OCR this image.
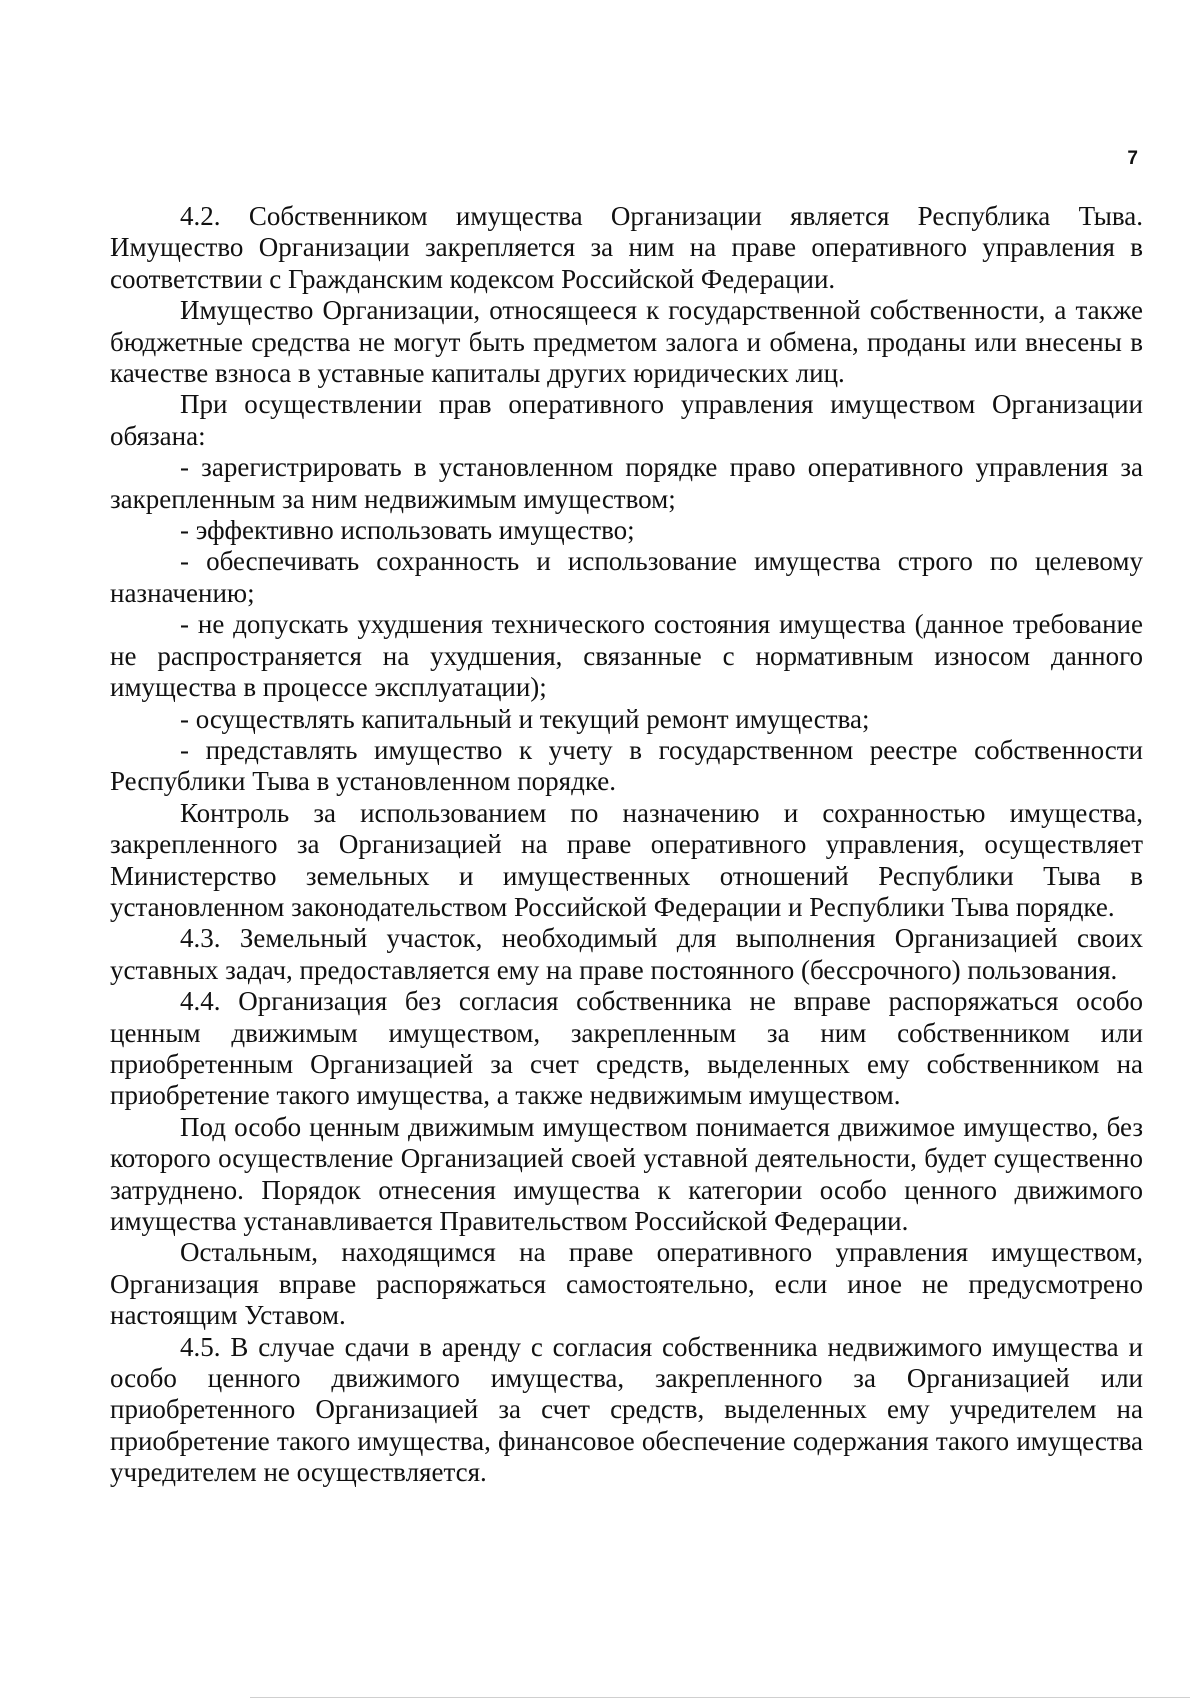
7

4.2. Собственником имущества Организации является Республика Тыва. Имущество Организации закрепляется за ним на праве оперативного управления в соответствии с Гражданским кодексом Российской Федерации.

Имущество Организации, относящееся к государственной собственности, а также бюджетные средства не могут быть предметом залога и обмена, проданы или внесены в качестве взноса в уставные капиталы других юридических лиц.

При осуществлении прав оперативного управления имуществом Организации обязана:

- зарегистрировать в установленном порядке право оперативного управления за закрепленным за ним недвижимым имуществом;

- эффективно использовать имущество;

- обеспечивать сохранность и использование имущества строго по целевому назначению;

- не допускать ухудшения технического состояния имущества (данное требование не распространяется на ухудшения, связанные с нормативным износом данного имущества в процессе эксплуатации);

- осуществлять капитальный и текущий ремонт имущества;

- представлять имущество к учету в государственном реестре собственности Республики Тыва в установленном порядке.

Контроль за использованием по назначению и сохранностью имущества, закрепленного за Организацией на праве оперативного управления, осуществляет Министерство земельных и имущественных отношений Республики Тыва в установленном законодательством Российской Федерации и Республики Тыва порядке.

4.3. Земельный участок, необходимый для выполнения Организацией своих уставных задач, предоставляется ему на праве постоянного (бессрочного) пользования.

4.4. Организация без согласия собственника не вправе распоряжаться особо ценным движимым имуществом, закрепленным за ним собственником или приобретенным Организацией за счет средств, выделенных ему собственником на приобретение такого имущества, а также недвижимым имуществом.

Под особо ценным движимым имуществом понимается движимое имущество, без которого осуществление Организацией своей уставной деятельности, будет существенно затруднено. Порядок отнесения имущества к категории особо ценного движимого имущества устанавливается Правительством Российской Федерации.

Остальным, находящимся на праве оперативного управления имуществом, Организация вправе распоряжаться самостоятельно, если иное не предусмотрено настоящим Уставом.

4.5. В случае сдачи в аренду с согласия собственника недвижимого имущества и особо ценного движимого имущества, закрепленного за Организацией или приобретенного Организацией за счет средств, выделенных ему учредителем на приобретение такого имущества, финансовое обеспечение содержания такого имущества учредителем не осуществляется.
